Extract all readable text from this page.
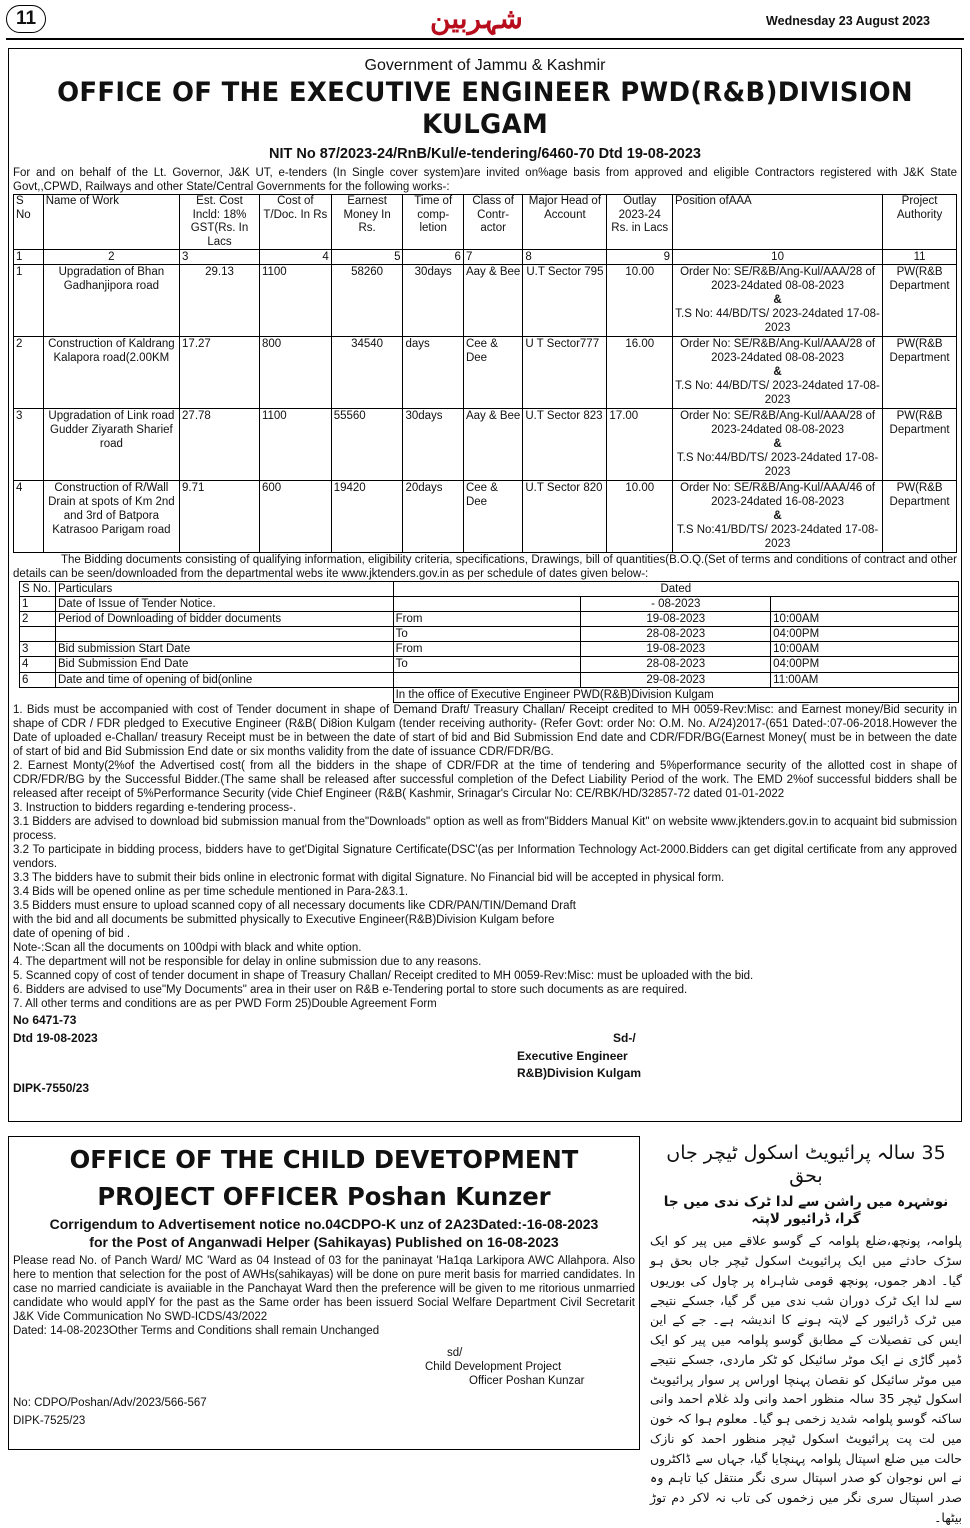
11	شہربین	Wednesday 23 August 2023
Government of Jammu & Kashmir
OFFICE OF THE EXECUTIVE ENGINEER PWD(R&B)DIVISION KULGAM
NIT No 87/2023-24/RnB/Kul/e-tendering/6460-70 Dtd 19-08-2023
For and on behalf of the Lt. Governor, J&K UT, e-tenders (In Single cover system)are invited on%age basis from approved and eligible Contractors registered with J&K State Govt,,CPWD, Railways and other State/Central Governments for the following works-:
S No	Name of Work	Est. Cost Incld: 18% GST(Rs. In Lacs	Cost of T/Doc. In Rs	Earnest Money In Rs.	Time of comp-letion	Class of Contr-actor	Major Head of Account	Outlay 2023-24 Rs. in Lacs	Position ofAAA	Project Authority
1	2	3	4	5	6	7	8	9	10	11
1	Upgradation of Bhan Gadhanjipora road	29.13	1100	58260	30days	Aay & Bee	U.T Sector 795	10.00	Order No: SE/R&B/Ang-Kul/AAA/28 of 2023-24dated 08-08-2023
&
T.S No: 44/BD/TS/ 2023-24dated 17-08-2023	PW(R&B Department
2	Construction of Kaldrang Kalapora road(2.00KM	17.27	800	34540	days	Cee & Dee	U T Sector777	16.00	Order No: SE/R&B/Ang-Kul/AAA/28 of 2023-24dated 08-08-2023
&
T.S No: 44/BD/TS/ 2023-24dated 17-08-2023	PW(R&B Department
3	Upgradation of Link road Gudder Ziyarath Sharief road	27.78	1100	55560	30days	Aay & Bee	U.T Sector 823	17.00	Order No: SE/R&B/Ang-Kul/AAA/28 of 2023-24dated 08-08-2023
&
T.S No:44/BD/TS/ 2023-24dated 17-08-2023	PW(R&B Department
4	Construction of R/Wall Drain at spots of Km 2nd and 3rd of Batpora Katrasoo Parigam road	9.71	600	19420	20days	Cee & Dee	U.T Sector 820	10.00	Order No: SE/R&B/Ang-Kul/AAA/46 of 2023-24dated 16-08-2023
&
T.S No:41/BD/TS/ 2023-24dated 17-08-2023	PW(R&B Department
The Bidding documents consisting of qualifying information, eligibility criteria, specifications, Drawings, bill of quantities(B.O.Q.(Set of terms and conditions of contract and other details can be seen/downloaded from the departmental webs ite www.jktenders.gov.in as per schedule of dates given below-:
S No.	Particulars	Dated		
1	Date of Issue of Tender Notice.		- 08-2023	
2	Period of Downloading of bidder documents	From	19-08-2023	10:00AM
		To	28-08-2023	04:00PM
3	Bid submission Start Date	From	19-08-2023	10:00AM
4	Bid Submission End Date	To	28-08-2023	04:00PM
6	Date and time of opening of bid(online		29-08-2023	11:00AM
		In the office of Executive Engineer PWD(R&B)Division Kulgam		
1. Bids must be accompanied with cost of Tender document in shape of Demand Draft/ Treasury Challan/ Receipt credited to MH 0059-Rev:Misc: and Earnest money/Bid security in shape of CDR / FDR pledged to Executive Engineer (R&B( Di8ion Kulgam (tender receiving authority- (Refer Govt: order No: O.M. No. A/24)2017-(651 Dated-:07-06-2018.However the Date of uploaded e-Challan/ treasury Receipt must be in between the date of start of bid and Bid Submission End date and CDR/FDR/BG(Earnest Money( must be in between the date of start of bid and Bid Submission End date or six months validity from the date of issuance CDR/FDR/BG.
2. Earnest Monty(2%of the Advertised cost( from all the bidders in the shape of CDR/FDR at the time of tendering and 5%performance security of the allotted cost in shape of CDR/FDR/BG by the Successful Bidder.(The same shall be released after successful completion of the Defect Liability Period of the work. The EMD 2%of successful bidders shall be released after receipt of 5%Performance Security (vide Chief Engineer (R&B( Kashmir, Srinagar's Circular No: CE/RBK/HD/32857-72 dated 01-01-2022
3. Instruction to bidders regarding e-tendering process-.
3.1 Bidders are advised to download bid submission manual from the"Downloads" option as well as from"Bidders Manual Kit" on website www.jktenders.gov.in to acquaint bid submission process.
3.2 To participate in bidding process, bidders have to get'Digital Signature Certificate(DSC'(as per Information Technology Act-2000.Bidders can get digital certificate from any approved vendors.
3.3 The bidders have to submit their bids online in electronic format with digital Signature. No Financial bid will be accepted in physical form.
3.4 Bids will be opened online as per time schedule mentioned in Para-2&3.1.
3.5 Bidders must ensure to upload scanned copy of all necessary documents like CDR/PAN/TIN/Demand Draft
with the bid and all documents be submitted physically to Executive Engineer(R&B)Division Kulgam before
date of opening of bid .
Note-:Scan all the documents on 100dpi with black and white option.
4. The department will not be responsible for delay in online submission due to any reasons.
5. Scanned copy of cost of tender document in shape of Treasury Challan/ Receipt credited to MH 0059-Rev:Misc: must be uploaded with the bid.
6. Bidders are advised to use"My Documents" area in their user on R&B e-Tendering portal to store such documents as are required.
7. All other terms and conditions are as per PWD Form 25)Double Agreement Form
No 6471-73
Dtd 19-08-2023	Sd-/
Executive Engineer
R&B)Division Kulgam
DIPK-7550/23
OFFICE OF THE CHILD DEVETOPMENT
PROJECT OFFICER Poshan Kunzer
Corrigendum to Advertisement notice no.04CDPO-K unz of 2A23Dated:-16-08-2023
for the Post of Anganwadi Helper (Sahikayas) Published on 16-08-2023
Please read No. of Panch Ward/ MC 'Ward as 04 Instead of 03 for the paninayat 'Ha1qa Larkipora AWC Allahpora. Also here to mention that selection for the post of AWHs(sahikayas) will be done on pure merit basis for married candidates. In case no married candiciate is avaiiable in the Panchayat Ward then the preference will be given to me ritorious unmarried candidate who would applY for the past as the Same order has been issuerd Social Welfare Department Civil Secretarit J&K Vide Communication No SWD-ICDS/43/2022
Dated: 14-08-2023Other Terms and Conditions shall remain Unchanged
sd/
Child Development Project
Officer Poshan Kunzar
No: CDPO/Poshan/Adv/2023/566-567
DIPK-7525/23
35 سالہ پرائیویٹ اسکول ٹیچر جاں بحق
نوشہرہ میں راشن سے لدا ٹرک ندی میں جا گرا، ڈرائیور لاپتہ
پلوامہ، پونچھ،ضلع پلوامہ کے گوسو علاقے میں پیر کو ایک سڑک حادثے میں ایک پرائیویٹ اسکول ٹیچر جاں بحق ہو گیا۔ ادھر جموں، پونچھ قومی شاہراہ پر چاول کی بوریوں سے لدا ایک ٹرک دوران شب ندی میں گر گیا، جسکے نتیجے میں ٹرک ڈرائیور کے لاپتہ ہونے کا اندیشہ ہے۔ جے کے این ایس کی تفصیلات کے مطابق گوسو پلوامہ میں پیر کو ایک ڈمپر گاڑی نے ایک موٹر سائیکل کو ٹکر ماردی، جسکے نتیجے میں موٹر سائیکل کو نقصان پہنچا اوراس پر سوار پرائیویٹ اسکول ٹیچر 35 سالہ منظور احمد وانی ولد غلام احمد وانی ساکنہ گوسو پلوامہ شدید زخمی ہو گیا۔ معلوم ہوا کہ خون میں لت پت پرائیویٹ اسکول ٹیچر منظور احمد کو نازک حالت میں ضلع اسپتال پلوامہ پہنچایا گیا، جہاں سے ڈاکٹروں نے اس نوجوان کو صدر اسپتال سری نگر منتقل کیا تاہم وہ صدر اسپتال سری نگر میں زخموں کی تاب نہ لاکر دم توڑ بیٹھا۔
